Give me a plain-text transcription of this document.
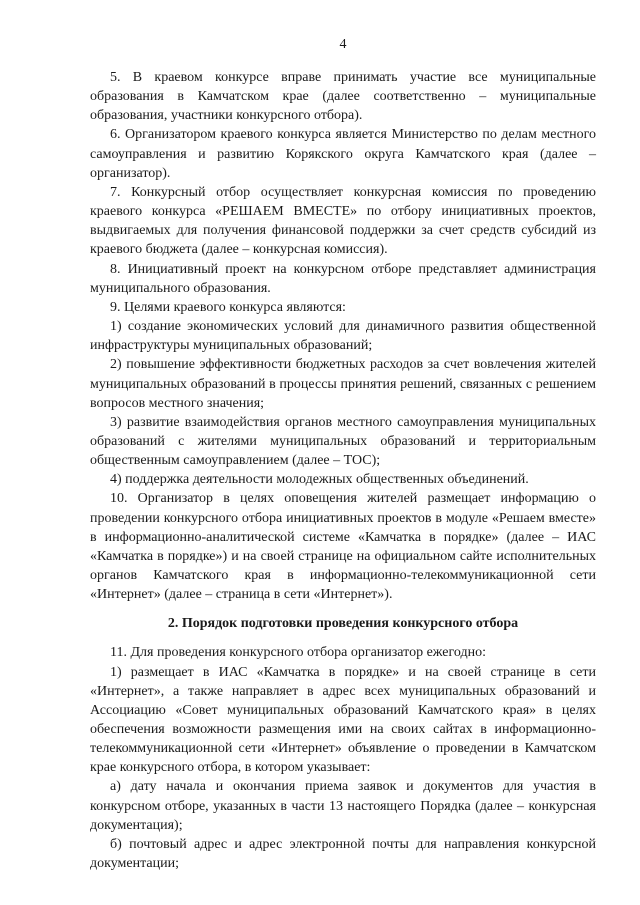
4

5. В краевом конкурсе вправе принимать участие все муниципальные образования в Камчатском крае (далее соответственно – муниципальные образования, участники конкурсного отбора).

6. Организатором краевого конкурса является Министерство по делам местного самоуправления и развитию Корякского округа Камчатского края (далее – организатор).

7. Конкурсный отбор осуществляет конкурсная комиссия по проведению краевого конкурса «РЕШАЕМ ВМЕСТЕ» по отбору инициативных проектов, выдвигаемых для получения финансовой поддержки за счет средств субсидий из краевого бюджета (далее – конкурсная комиссия).

8. Инициативный проект на конкурсном отборе представляет администрация муниципального образования.

9. Целями краевого конкурса являются:

1) создание экономических условий для динамичного развития общественной инфраструктуры муниципальных образований;

2) повышение эффективности бюджетных расходов за счет вовлечения жителей муниципальных образований в процессы принятия решений, связанных с решением вопросов местного значения;

3) развитие взаимодействия органов местного самоуправления муниципальных образований с жителями муниципальных образований и территориальным общественным самоуправлением (далее – ТОС);

4) поддержка деятельности молодежных общественных объединений.

10. Организатор в целях оповещения жителей размещает информацию о проведении конкурсного отбора инициативных проектов в модуле «Решаем вместе» в информационно-аналитической системе «Камчатка в порядке» (далее – ИАС «Камчатка в порядке») и на своей странице на официальном сайте исполнительных органов Камчатского края в информационно-телекоммуникационной сети «Интернет» (далее – страница в сети «Интернет»).

2. Порядок подготовки проведения конкурсного отбора

11. Для проведения конкурсного отбора организатор ежегодно:

1) размещает в ИАС «Камчатка в порядке» и на своей странице в сети «Интернет», а также направляет в адрес всех муниципальных образований и Ассоциацию «Совет муниципальных образований Камчатского края» в целях обеспечения возможности размещения ими на своих сайтах в информационно-телекоммуникационной сети «Интернет» объявление о проведении в Камчатском крае конкурсного отбора, в котором указывает:

а) дату начала и окончания приема заявок и документов для участия в конкурсном отборе, указанных в части 13 настоящего Порядка (далее – конкурсная документация);

б) почтовый адрес и адрес электронной почты для направления конкурсной документации;
